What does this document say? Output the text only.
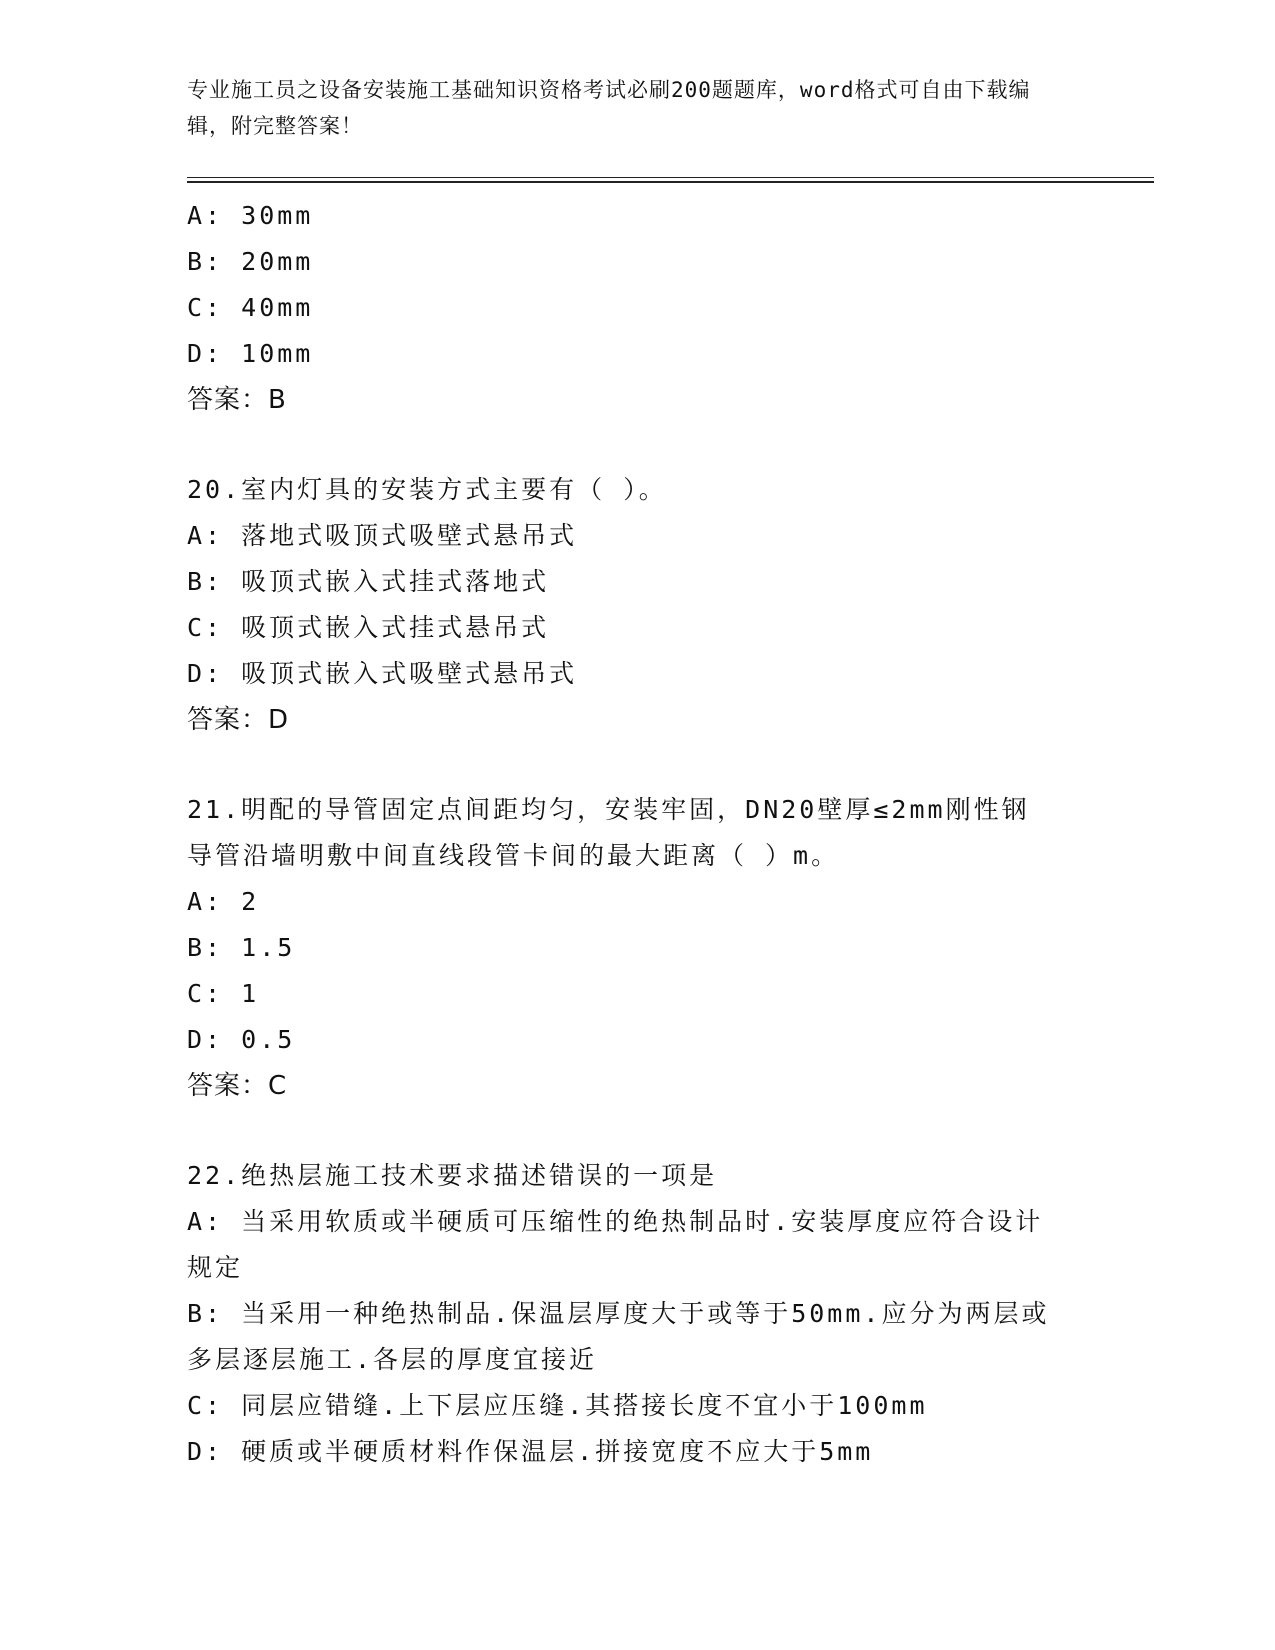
专业施工员之设备安装施工基础知识资格考试必刷200题题库，word格式可自由下载编辑，附完整答案！
A: 30mm
B: 20mm
C: 40mm
D: 10mm
答案：B
20.室内灯具的安装方式主要有（ ）。
A: 落地式吸顶式吸壁式悬吊式
B: 吸顶式嵌入式挂式落地式
C: 吸顶式嵌入式挂式悬吊式
D: 吸顶式嵌入式吸壁式悬吊式
答案：D
21.明配的导管固定点间距均匀，安装牢固，DN20壁厚≤2mm刚性钢导管沿墙明敷中间直线段管卡间的最大距离（ ）m。
A: 2
B: 1.5
C: 1
D: 0.5
答案：C
22.绝热层施工技术要求描述错误的一项是
A: 当采用软质或半硬质可压缩性的绝热制品时.安装厚度应符合设计规定
B: 当采用一种绝热制品.保温层厚度大于或等于50mm.应分为两层或多层逐层施工.各层的厚度宜接近
C: 同层应错缝.上下层应压缝.其搭接长度不宜小于100mm
D: 硬质或半硬质材料作保温层.拼接宽度不应大于5mm
